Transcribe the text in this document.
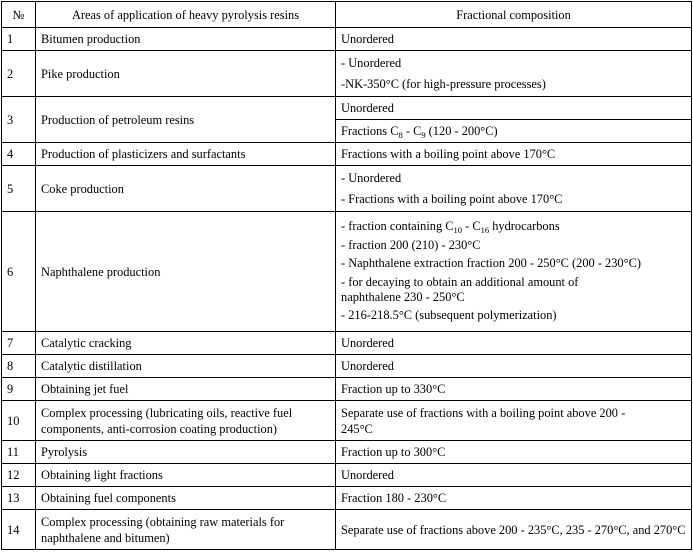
№	Areas of application of heavy pyrolysis resins	Fractional composition
1	Bitumen production	Unordered

2	Pike production	- Unordered
-NK-350°C (for high-pressure processes)

3	Production of petroleum resins	Unordered

		Fractions $C_8 - C_9$ (120 - 200°C)

4	Production of plasticizers and surfactants	Fractions with a boiling point above 170°C

5	Coke production	- Unordered
- Fractions with a boiling point above 170°C

6	Naphthalene production	- fraction containing $C_{10} - C_{16}$ hydrocarbons
- fraction 200 (210) - 230°C
- Naphthalene extraction fraction 200 - 250°C (200 - 230°C)
- for decaying to obtain an additional amount of naphthalene 230 - 250°C
- 216-218.5°C (subsequent polymerization)

7	Catalytic cracking	Unordered

8	Catalytic distillation	Unordered

9	Obtaining jet fuel	Fraction up to 330°C

10	Complex processing (lubricating oils, reactive fuel components, anti-corrosion coating production)	Separate use of fractions with a boiling point above 200 - 245°C

11	Pyrolysis	Fraction up to 300°C

12	Obtaining light fractions	Unordered

13	Obtaining fuel components	Fraction 180 - 230°C

14	Complex processing (obtaining raw materials for naphthalene and bitumen)	Separate use of fractions above 200 - 235°C, 235 - 270°C, and 270°C
